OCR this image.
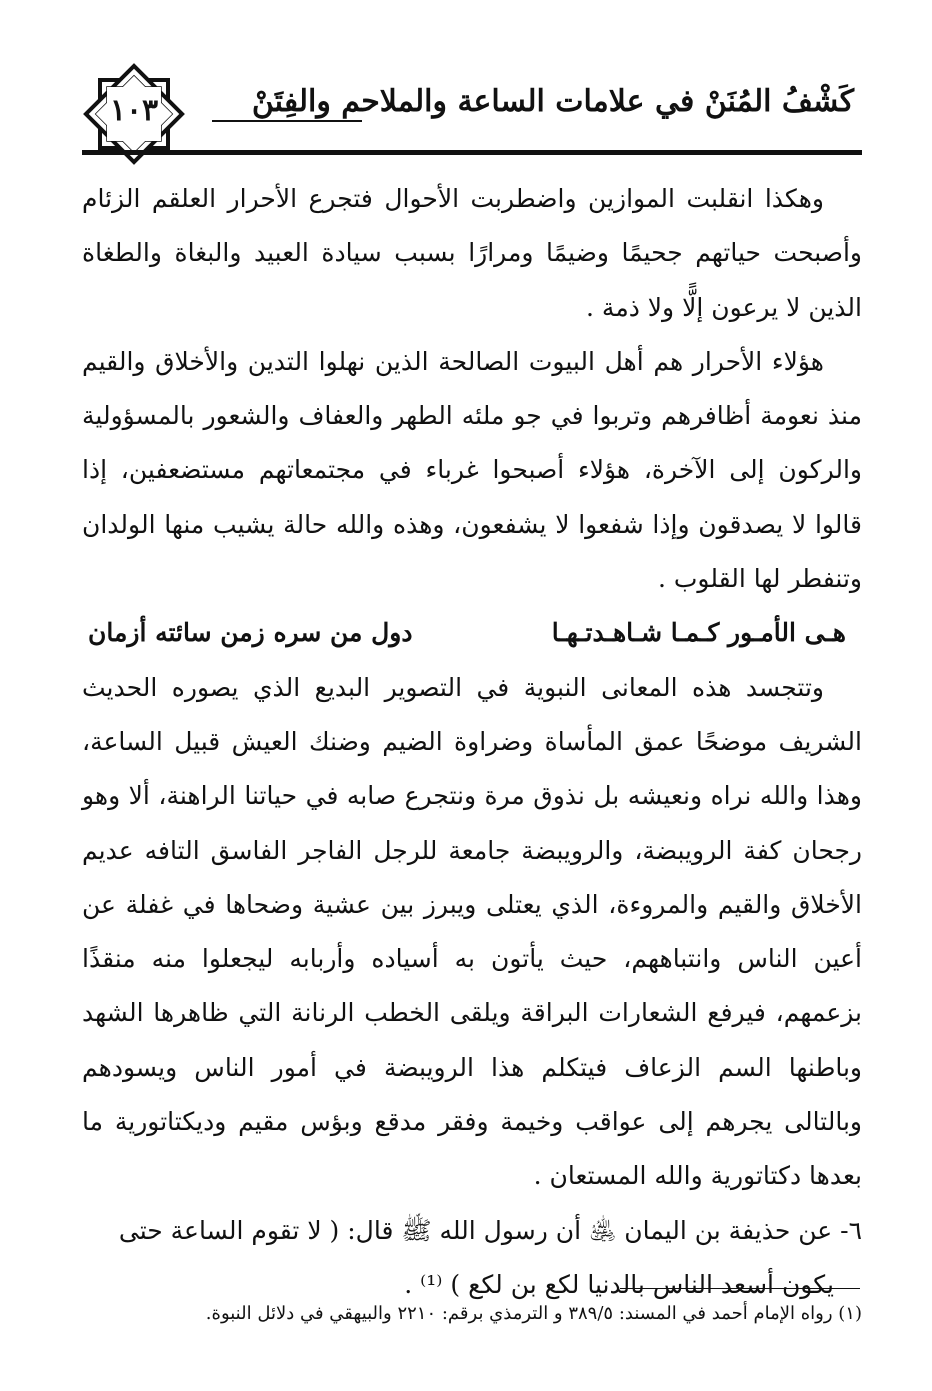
١٠٣	كَشْفُ المُنَنْ في علامات الساعة والملاحم والفِتَنْ

وهكذا انقلبت الموازين واضطربت الأحوال فتجرع الأحرار العلقم الزئام وأصبحت حياتهم جحيمًا وضيمًا ومرارًا بسبب سيادة العبيد والبغاة والطغاة الذين لا يرعون إلًّا ولا ذمة .

هؤلاء الأحرار هم أهل البيوت الصالحة الذين نهلوا التدين والأخلاق والقيم منذ نعومة أظافرهم وتربوا في جو ملئه الطهر والعفاف والشعور بالمسؤولية والركون إلى الآخرة، هؤلاء أصبحوا غرباء في مجتمعاتهم مستضعفين، إذا قالوا لا يصدقون وإذا شفعوا لا يشفعون، وهذه والله حالة يشيب منها الولدان وتنفطر لها القلوب .

هـى الأمـور كـمـا شـاهـدتـهـا
دول من سره زمن سائته أزمان

وتتجسد هذه المعانى النبوية في التصوير البديع الذي يصوره الحديث الشريف موضحًا عمق المأساة وضراوة الضيم وضنك العيش قبيل الساعة، وهذا والله نراه ونعيشه بل نذوق مرة ونتجرع صابه في حياتنا الراهنة، ألا وهو رجحان كفة الرويبضة، والرويبضة جامعة للرجل الفاجر الفاسق التافه عديم الأخلاق والقيم والمروءة، الذي يعتلى ويبرز بين عشية وضحاها في غفلة عن أعين الناس وانتباههم، حيث يأتون به أسياده وأربابه ليجعلوا منه منقذًا بزعمهم، فيرفع الشعارات البراقة ويلقى الخطب الرنانة التي ظاهرها الشهد وباطنها السم الزعاف فيتكلم هذا الرويبضة في أمور الناس ويسودهم وبالتالى يجرهم إلى عواقب وخيمة وفقر مدقع وبؤس مقيم وديكتاتورية ما بعدها دكتاتورية والله المستعان .

٦- عن حذيفة بن اليمان ﵁ أن رسول الله ﷺ قال: ( لا تقوم الساعة حتى

يكون أسعد الناس بالدنيا لكع بن لكع ) ⁽¹⁾ .

(١) رواه الإمام أحمد في المسند: ٣٨٩/٥ و الترمذي برقم: ٢٢١٠ والبيهقي في دلائل النبوة.
